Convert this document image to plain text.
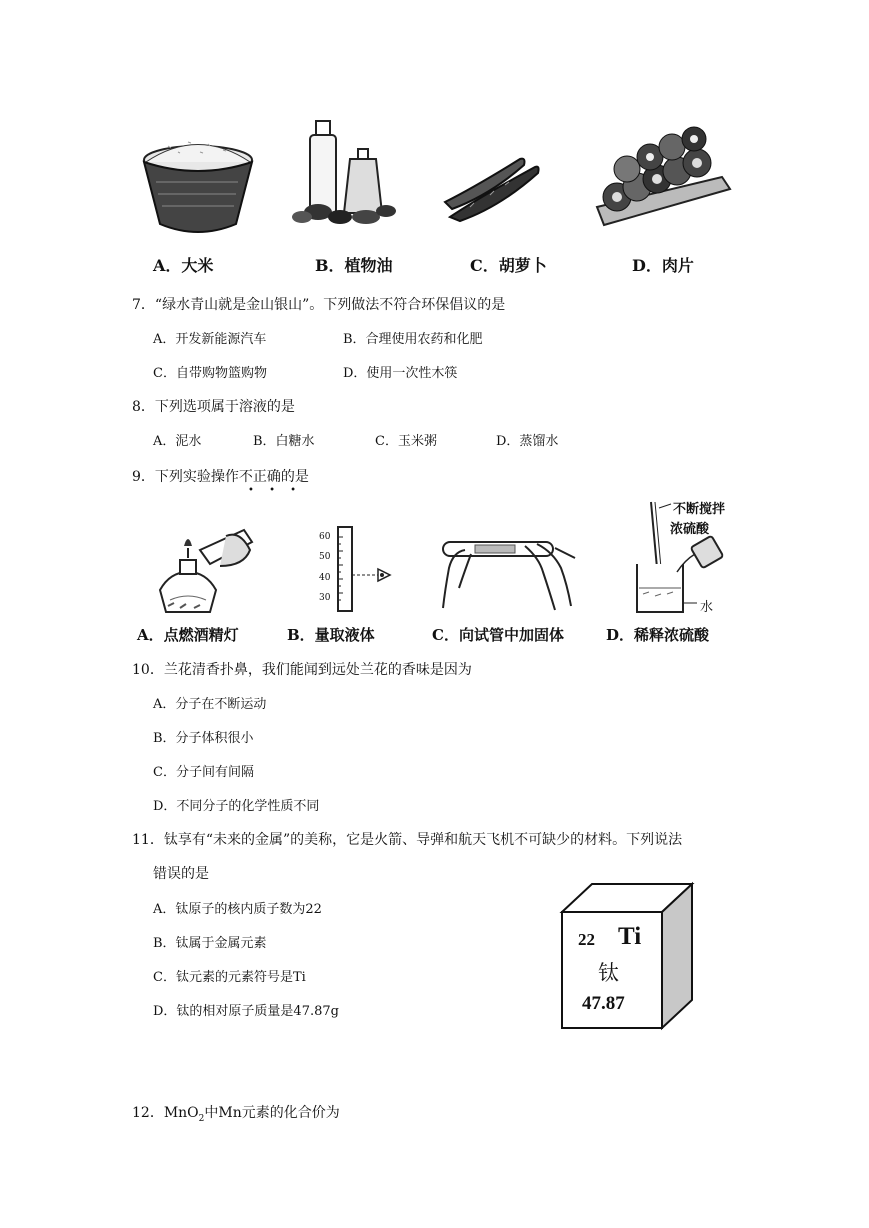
A．大米	B．植物油	C．胡萝卜	D．肉片
7．“绿水青山就是金山银山”。下列做法不符合环保倡议的是
A．开发新能源汽车	B．合理使用农药和化肥
C．自带购物篮购物	D．使用一次性木筷
8．下列选项属于溶液的是
A．泥水	B．白糖水	C．玉米粥	D．蒸馏水
9．下列实验操作不正确的是
• • •
60
50
40
30
不断搅拌
浓硫酸
水
A．点燃酒精灯	B．量取液体	C．向试管中加固体	D．稀释浓硫酸
10．兰花清香扑鼻，我们能闻到远处兰花的香味是因为
A．分子在不断运动
B．分子体积很小
C．分子间有间隔
D．不同分子的化学性质不同
11．钛享有“未来的金属”的美称，它是火箭、导弹和航天飞机不可缺少的材料。下列说法
错误的是
A．钛原子的核内质子数为22
B．钛属于金属元素
C．钛元素的元素符号是Ti
D．钛的相对原子质量是47.87g
22 Ti
钛
47.87
12．MnO$_2$中Mn元素的化合价为
